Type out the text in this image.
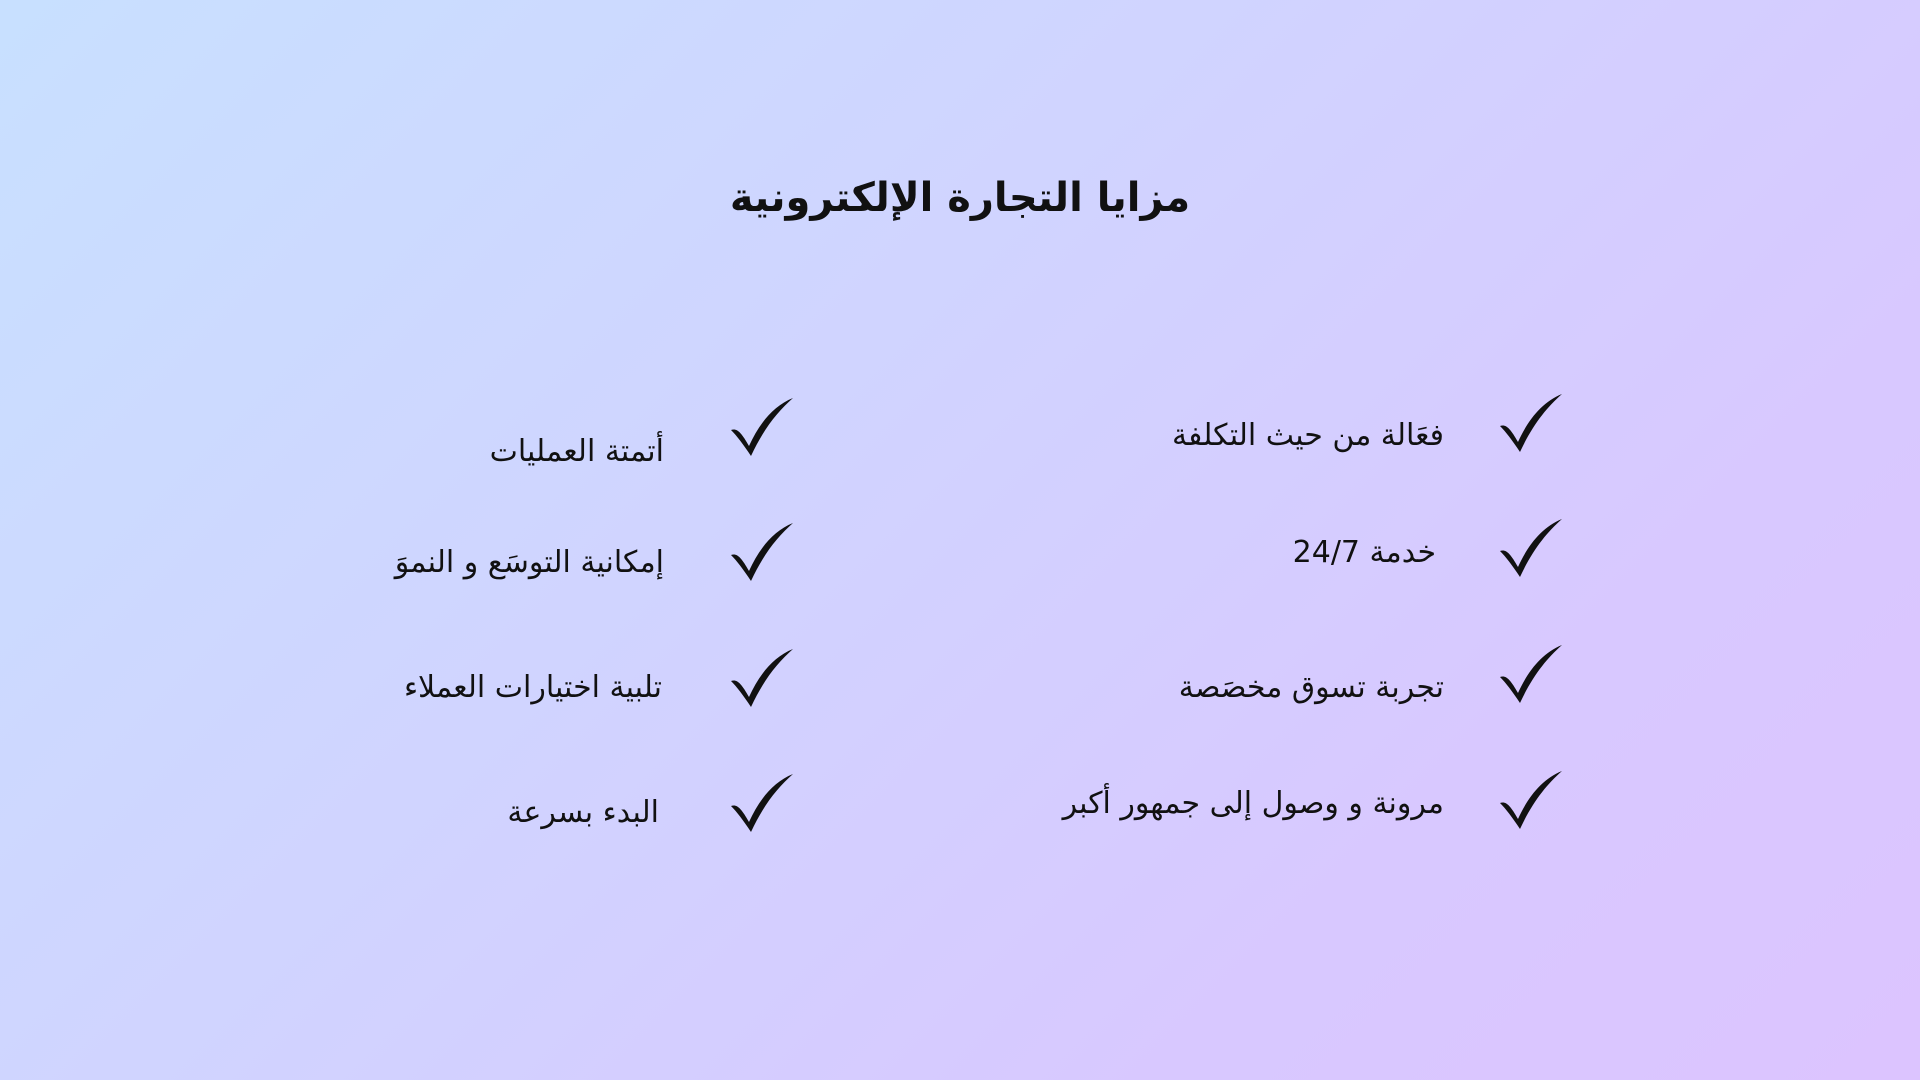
مزايا التجارة الإلكترونية
فعَالة من حيث التكلفة
خدمة 24/7
تجربة تسوق مخصَصة
مرونة و وصول إلى جمهور أكبر
أتمتة العمليات
إمكانية التوسَع و النموَ
تلبية اختيارات العملاء
البدء بسرعة
